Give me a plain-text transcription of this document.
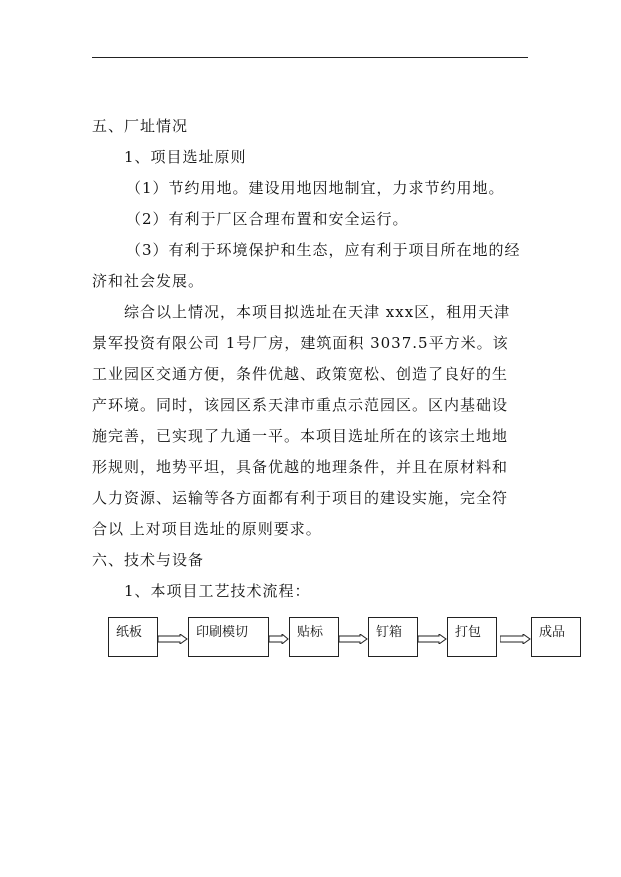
五、厂址情况
1、项目选址原则
（1）节约用地。建设用地因地制宜，力求节约用地。
（2）有利于厂区合理布置和安全运行。
（3）有利于环境保护和生态，应有利于项目所在地的经
济和社会发展。
综合以上情况，本项目拟选址在天津 xxx区，租用天津
景军投资有限公司 1号厂房，建筑面积 3037.5平方米。该
工业园区交通方便，条件优越、政策宽松、创造了良好的生
产环境。同时，该园区系天津市重点示范园区。区内基础设
施完善，已实现了九通一平。本项目选址所在的该宗土地地
形规则，地势平坦，具备优越的地理条件，并且在原材料和
人力资源、运输等各方面都有利于项目的建设实施，完全符
合以 上对项目选址的原则要求。
六、技术与设备
1、本项目工艺技术流程：
纸板	印刷模切	贴标	钉箱	打包	成品
